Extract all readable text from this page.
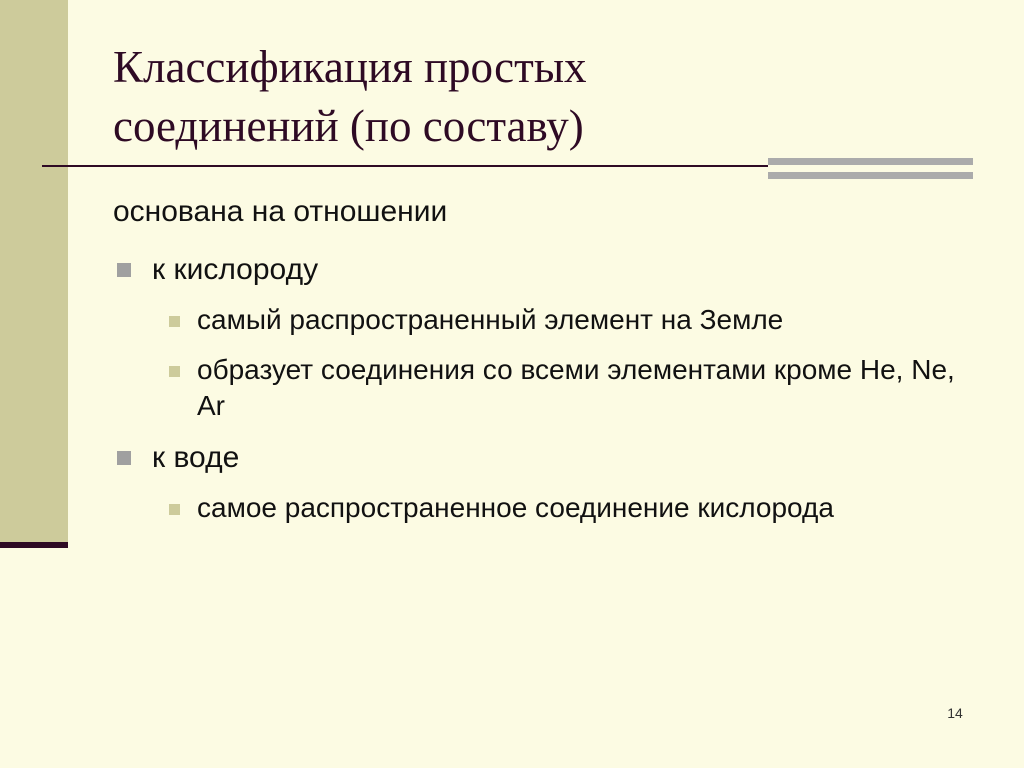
Классификация простых
соединений (по составу)
основана на отношении
к кислороду
самый распространенный элемент на Земле
образует соединения со всеми элементами кроме He, Ne, Ar
к воде
самое распространенное соединение кислорода
14
